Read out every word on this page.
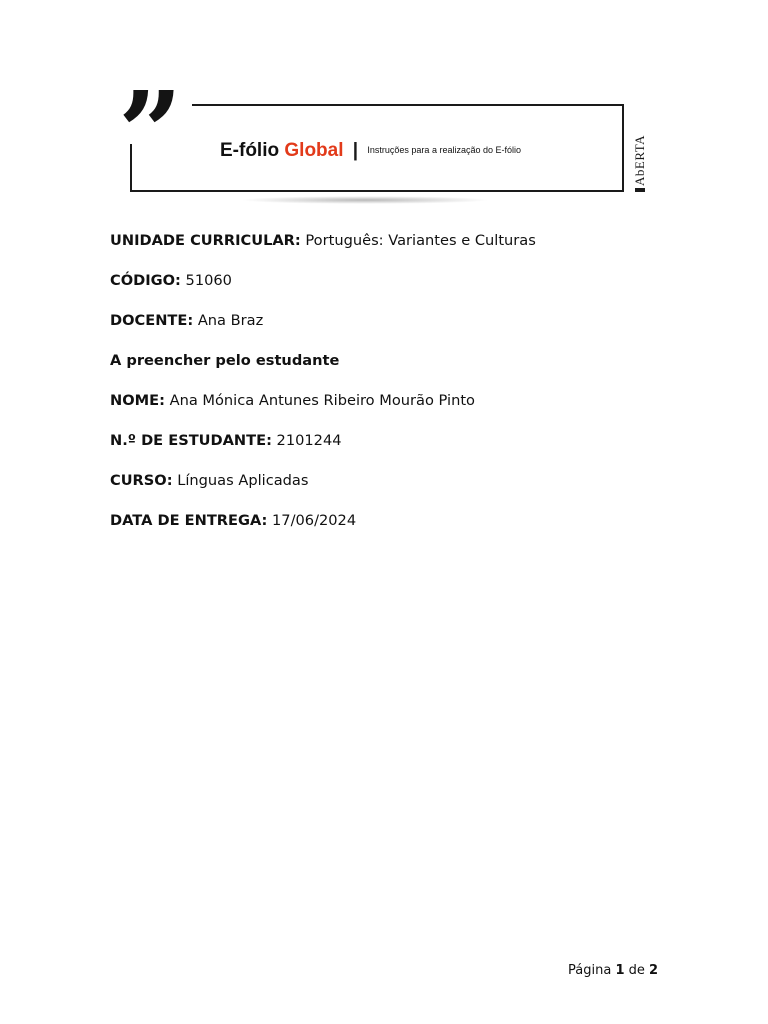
” E-fólio Global | Instruções para a realização do E-fólio	AbERTA
UNIDADE CURRICULAR: Português: Variantes e Culturas
CÓDIGO: 51060
DOCENTE: Ana Braz
A preencher pelo estudante
NOME: Ana Mónica Antunes Ribeiro Mourão Pinto
N.º DE ESTUDANTE: 2101244
CURSO: Línguas Aplicadas
DATA DE ENTREGA: 17/06/2024
Página 1 de 2
